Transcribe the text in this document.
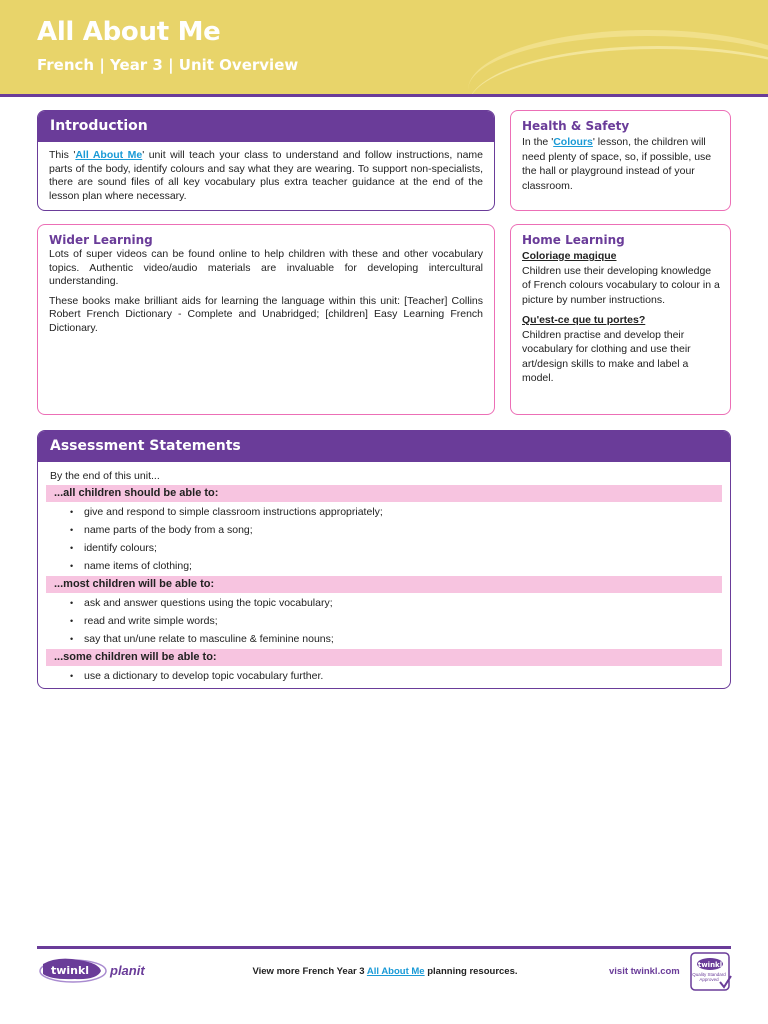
All About Me
French | Year 3 | Unit Overview
Introduction

This 'All About Me' unit will teach your class to understand and follow instructions, name parts of the body, identify colours and say what they are wearing. To support non-specialists, there are sound files of all key vocabulary plus extra teacher guidance at the end of the lesson plan where necessary.

Health & Safety
In the 'Colours' lesson, the children will need plenty of space, so, if possible, use the hall or playground instead of your classroom.
Wider Learning

Lots of super videos can be found online to help children with these and other vocabulary topics. Authentic video/audio materials are invaluable for developing intercultural understanding.

These books make brilliant aids for learning the language within this unit: [Teacher] Collins Robert French Dictionary - Complete and Unabridged; [children] Easy Learning French Dictionary.

Home Learning
Coloriage magique
Children use their developing knowledge of French colours vocabulary to colour in a picture by number instructions.
Qu'est-ce que tu portes?
Children practise and develop their vocabulary for clothing and use their art/design skills to make and label a model.
Assessment Statements
By the end of this unit...
...all children should be able to:
• give and respond to simple classroom instructions appropriately;
• name parts of the body from a song;
• identify colours;
• name items of clothing;
...most children will be able to:
• ask and answer questions using the topic vocabulary;
• read and write simple words;
• say that un/une relate to masculine & feminine nouns;
...some children will be able to:
• use a dictionary to develop topic vocabulary further.
twinkl planit	View more French Year 3 All About Me planning resources.	visit twinkl.com
twinkl
Quality Standard Approved
